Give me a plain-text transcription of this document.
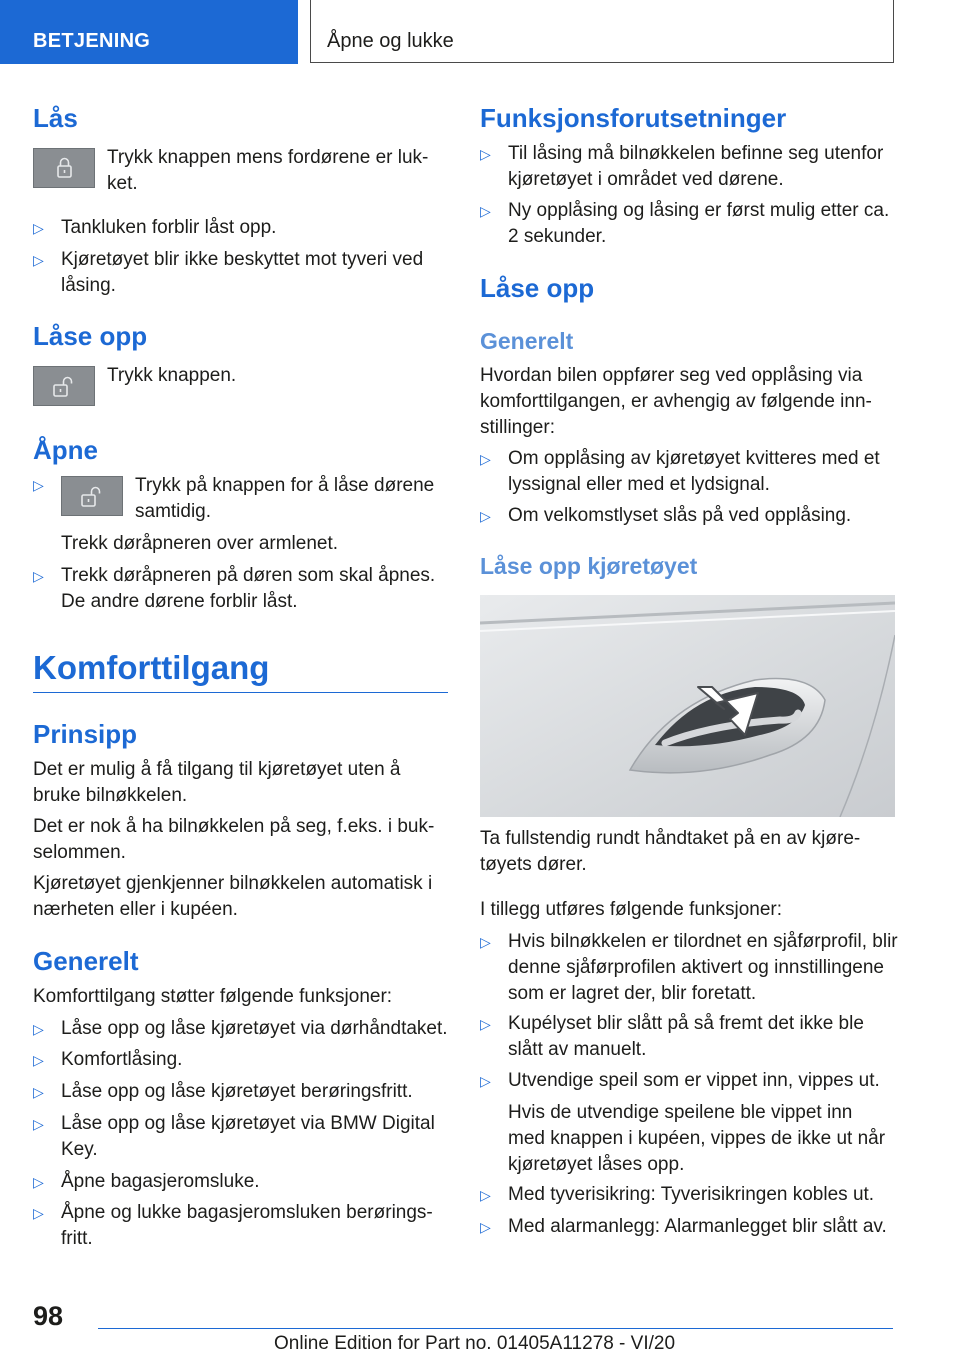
BETJENING	Åpne og lukke
Lås
Trykk knappen mens fordørene er luk-
ket.
▷ Tankluken forblir låst opp.
▷ Kjøretøyet blir ikke beskyttet mot tyveri ved
låsing.
Låse opp
Trykk knappen.
Åpne
▷	Trykk på knappen for å låse dørene
samtidig.
Trekk døråpneren over armlenet.
▷ Trekk døråpneren på døren som skal åpnes.
De andre dørene forblir låst.
Komforttilgang
Prinsipp
Det er mulig å få tilgang til kjøretøyet uten å
bruke bilnøkkelen.
Det er nok å ha bilnøkkelen på seg, f.eks. i buk-
selommen.
Kjøretøyet gjenkjenner bilnøkkelen automatisk i
nærheten eller i kupéen.
Generelt
Komforttilgang støtter følgende funksjoner:
▷ Låse opp og låse kjøretøyet via dørhåndtaket.
▷ Komfortlåsing.
▷ Låse opp og låse kjøretøyet berøringsfritt.
▷ Låse opp og låse kjøretøyet via BMW Digital
Key.
▷ Åpne bagasjeromsluke.
▷ Åpne og lukke bagasjeromsluken berørings-
fritt.
Funksjonsforutsetninger
▷ Til låsing må bilnøkkelen befinne seg utenfor
kjøretøyet i området ved dørene.
▷ Ny opplåsing og låsing er først mulig etter ca.
2 sekunder.
Låse opp
Generelt
Hvordan bilen oppfører seg ved opplåsing via
komforttilgangen, er avhengig av følgende inn-
stillinger:
▷ Om opplåsing av kjøretøyet kvitteres med et
lyssignal eller med et lydsignal.
▷ Om velkomstlyset slås på ved opplåsing.
Låse opp kjøretøyet
Ta fullstendig rundt håndtaket på en av kjøre-
tøyets dører.
I tillegg utføres følgende funksjoner:
▷ Hvis bilnøkkelen er tilordnet en sjåførprofil, blir
denne sjåførprofilen aktivert og innstillingene
som er lagret der, blir foretatt.
▷ Kupélyset blir slått på så fremt det ikke ble
slått av manuelt.
▷ Utvendige speil som er vippet inn, vippes ut.
Hvis de utvendige speilene ble vippet inn
med knappen i kupéen, vippes de ikke ut når
kjøretøyet låses opp.
▷ Med tyverisikring: Tyverisikringen kobles ut.
▷ Med alarmanlegg: Alarmanlegget blir slått av.
98
Online Edition for Part no. 01405A11278 - VI/20
